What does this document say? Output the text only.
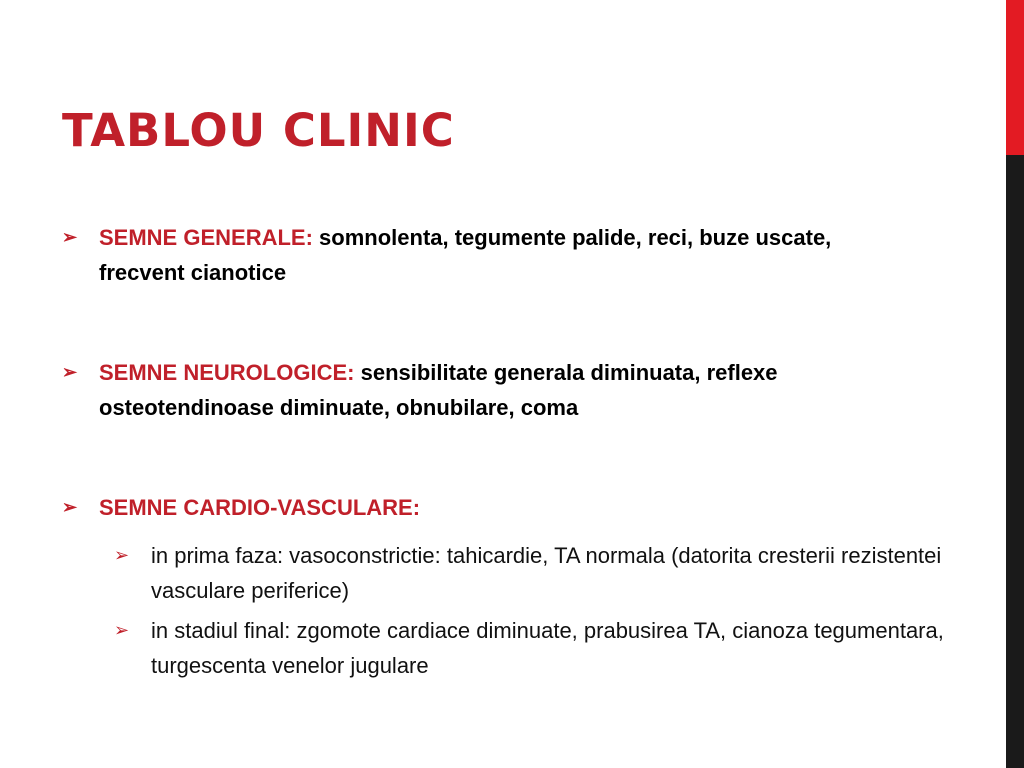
TABLOU CLINIC
➢ SEMNE GENERALE: somnolenta, tegumente palide, reci, buze uscate, frecvent cianotice
➢ SEMNE NEUROLOGICE: sensibilitate generala diminuata, reflexe osteotendinoase diminuate, obnubilare, coma
➢ SEMNE CARDIO-VASCULARE:
➢ in prima faza: vasoconstrictie: tahicardie, TA normala (datorita cresterii rezistentei vasculare periferice)
➢ in stadiul final: zgomote cardiace diminuate, prabusirea TA, cianoza tegumentara, turgescenta venelor jugulare
